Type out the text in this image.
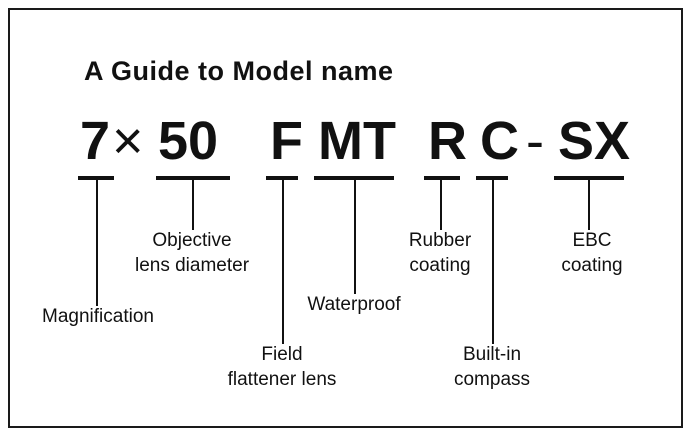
A Guide to Model name
7 × 50 F MT R C - SX
Magnification
Objective
lens diameter
Field
flattener lens
Waterproof
Rubber
coating
Built-in
compass
EBC
coating
